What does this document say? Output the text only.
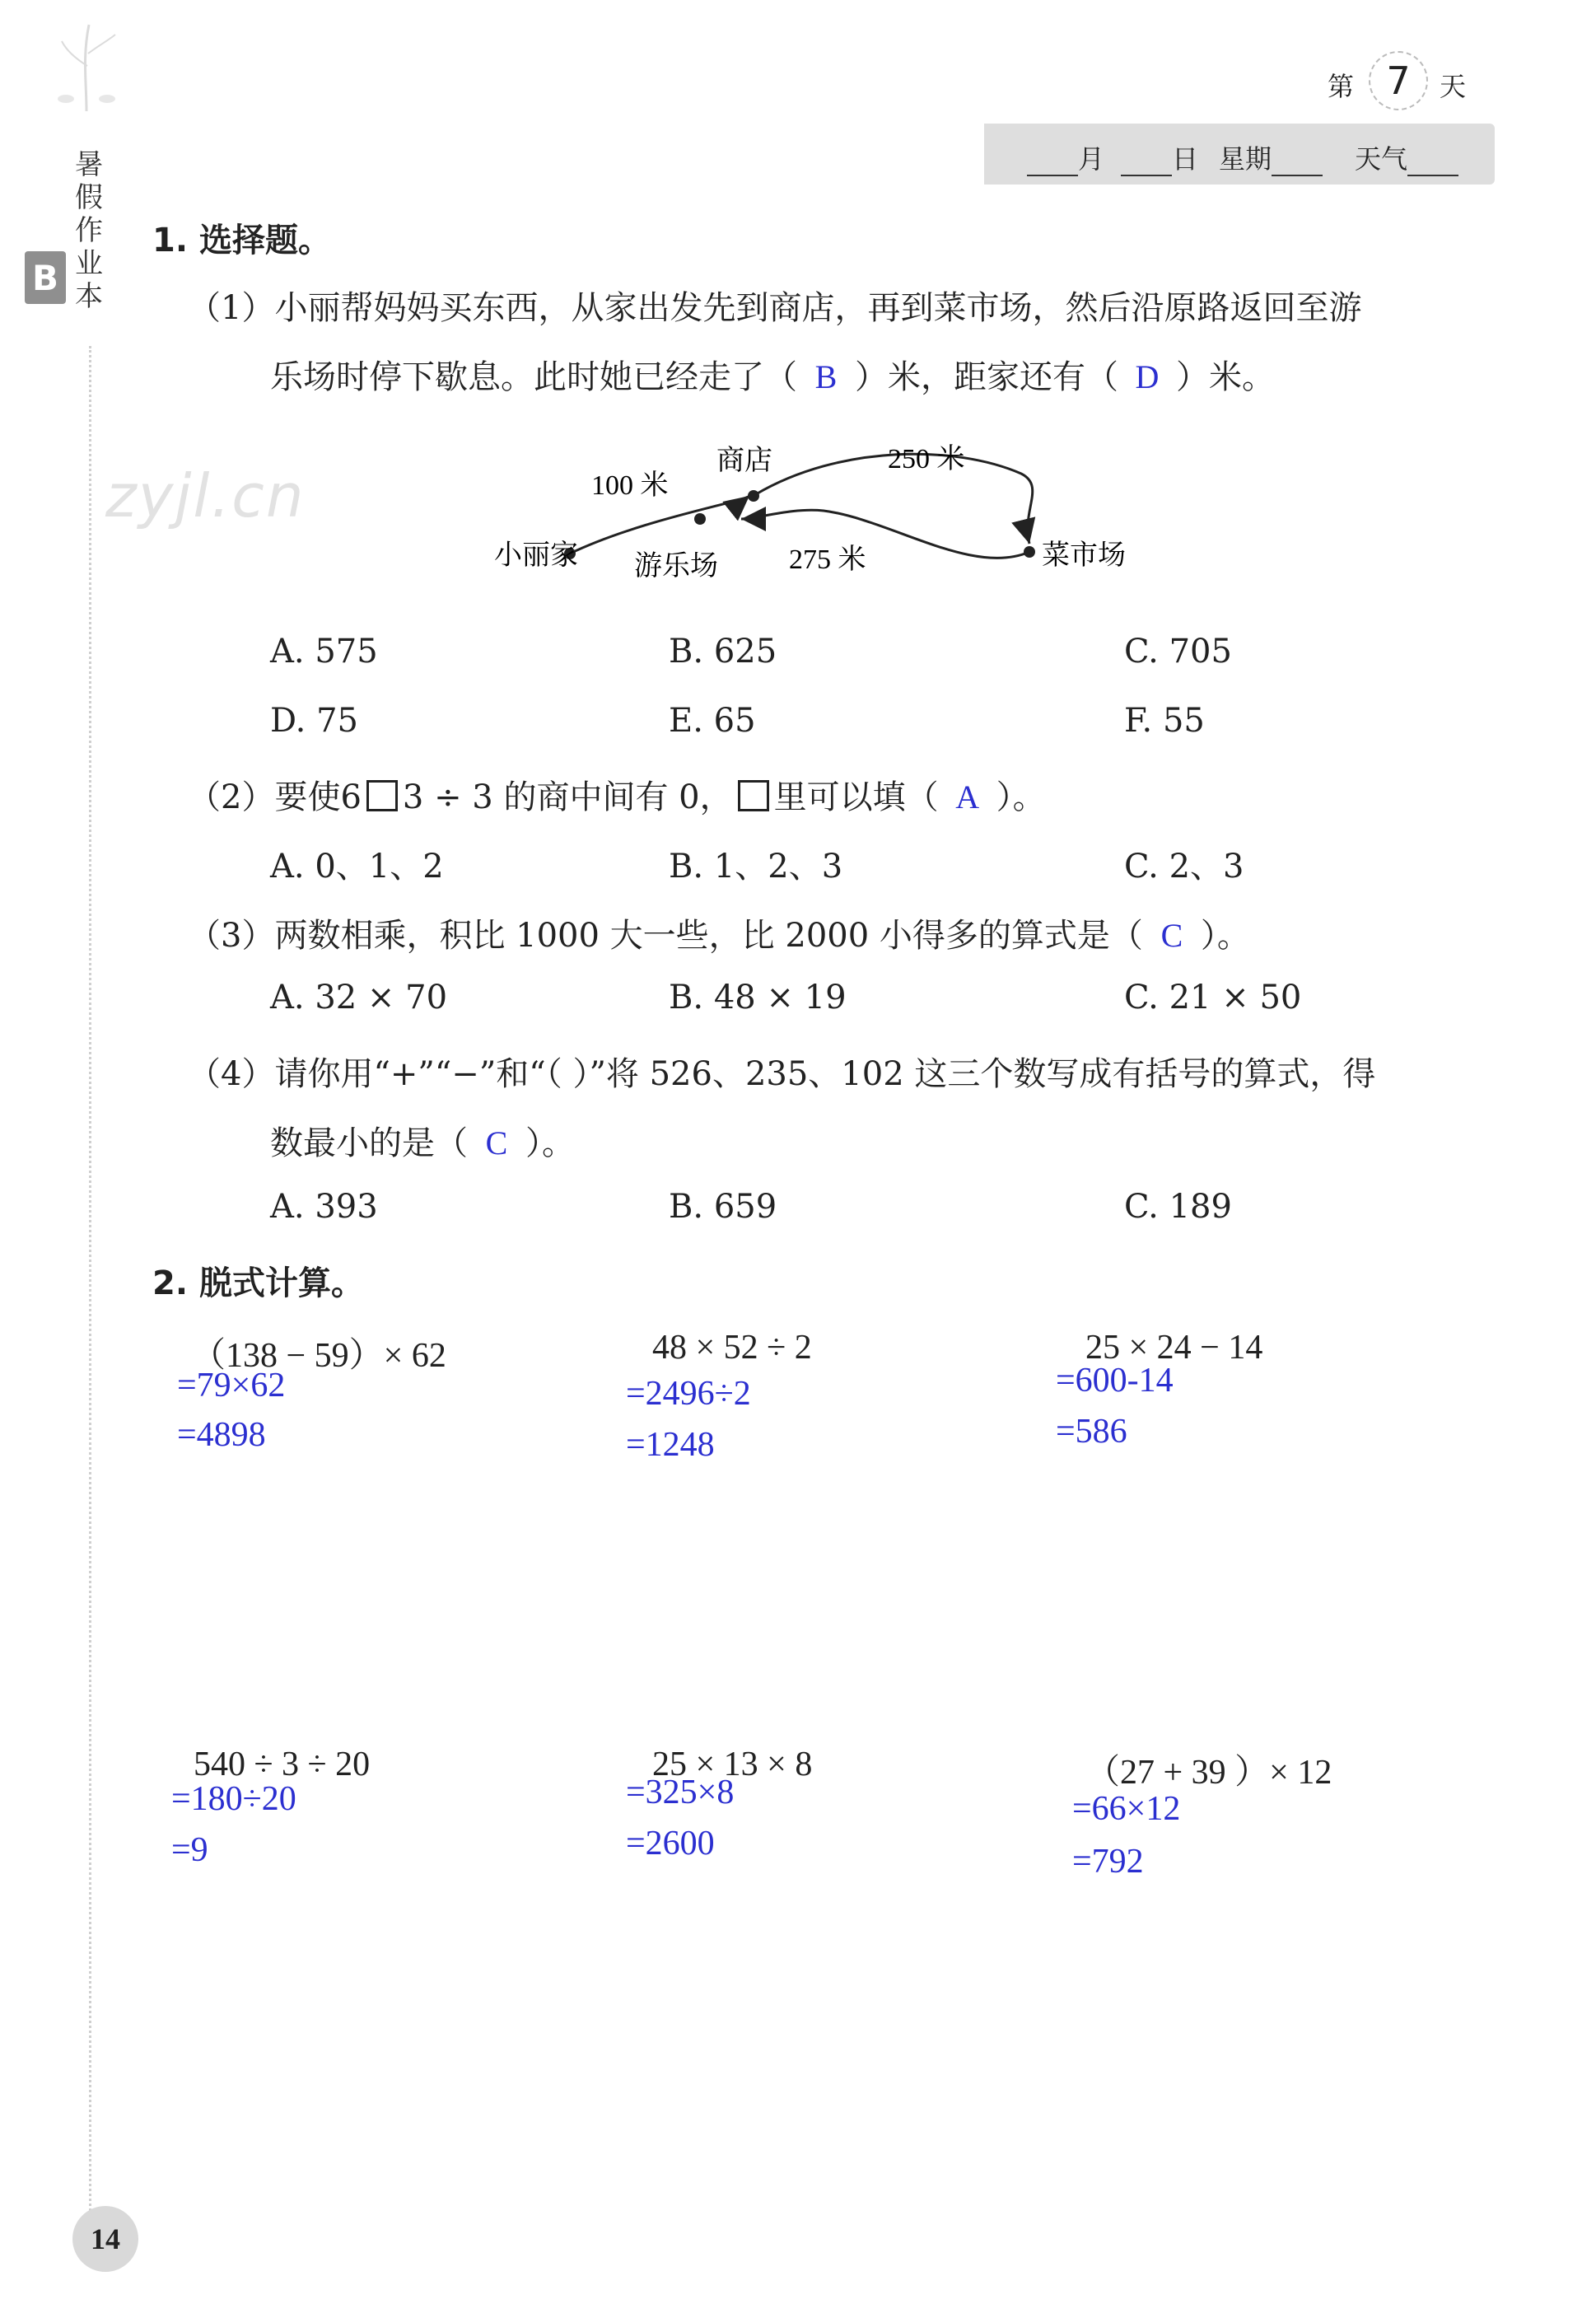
暑假作业本
B
第 7	天
月	日 星期	天气
zyjl.cn
1. 选择题。
（1）小丽帮妈妈买东西，从家出发先到商店，再到菜市场，然后沿原路返回至游
乐场时停下歇息。此时她已经走了（ B ）米，距家还有（ D ）米。
小丽家
商店
菜市场
游乐场
100 米
250 米
275 米
A. 575	B. 625	C. 705
D. 75	E. 65	F. 55
（2）要使6 3 ÷ 3 的商中间有 0， 里可以填（ A ）。
A. 0、1、2	B. 1、2、3	C. 2、3
（3）两数相乘，积比 1000 大一些，比 2000 小得多的算式是（ C ）。
A. 32 × 70	B. 48 × 19	C. 21 × 50
（4）请你用“+”“−”和“（ ）”将 526、235、102 这三个数写成有括号的算式，得
数最小的是（ C ）。
A. 393	B. 659	C. 189
2. 脱式计算。
（138 − 59）× 62
=79×62
=4898
48 × 52 ÷ 2
=2496÷2
=1248
25 × 24 − 14
=600-14
=586
540 ÷ 3 ÷ 20
=180÷20
=9
25 × 13 × 8
=325×8
=2600
（27 + 39 ）× 12
=66×12
=792
14
